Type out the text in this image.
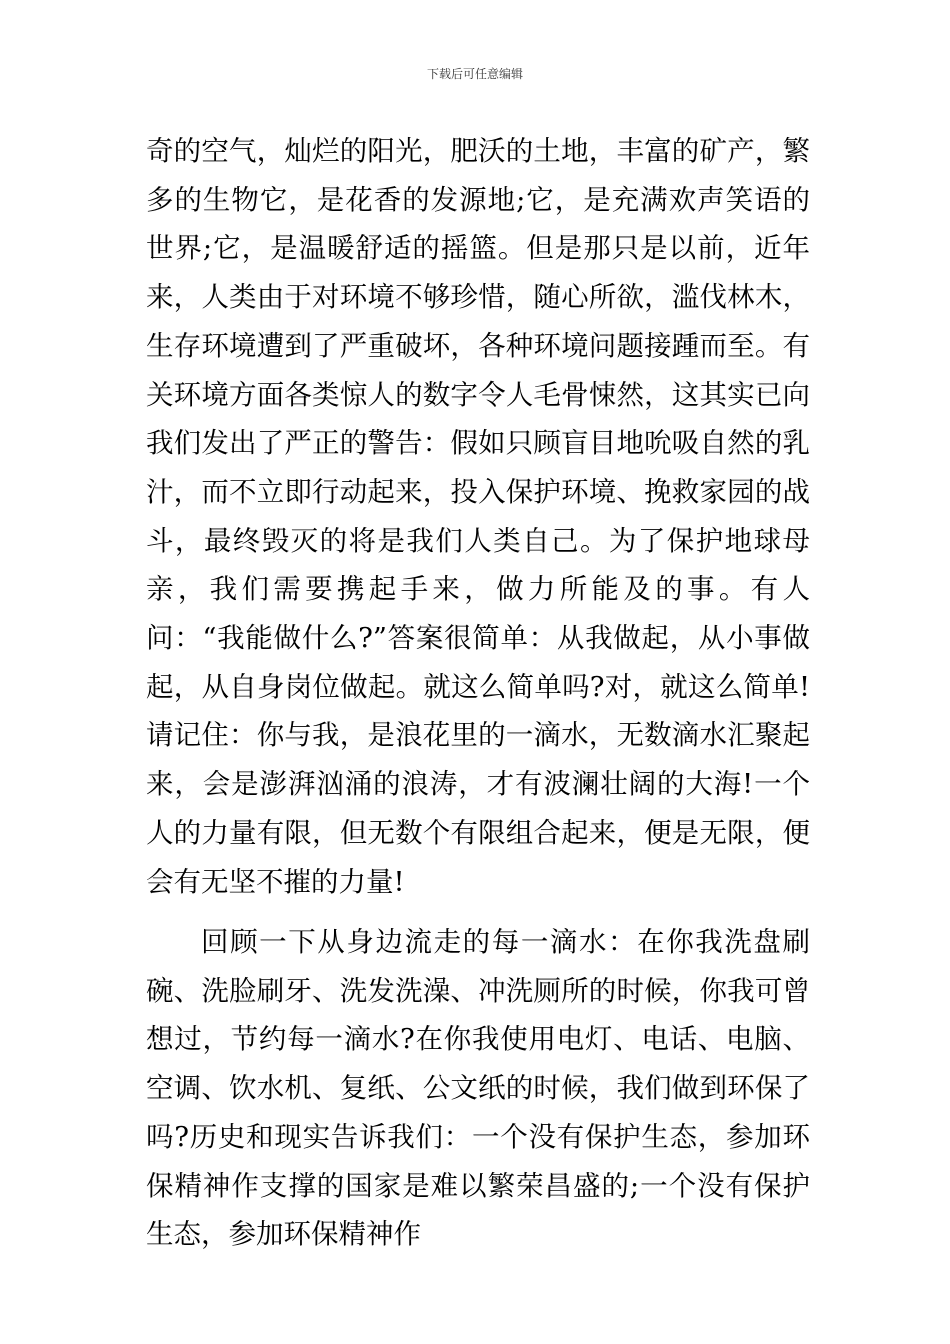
下载后可任意编辑

奇的空气，灿烂的阳光，肥沃的土地，丰富的矿产，繁多的生物它，是花香的发源地;它，是充满欢声笑语的世界;它，是温暖舒适的摇篮。但是那只是以前，近年来，人类由于对环境不够珍惜，随心所欲，滥伐林木，生存环境遭到了严重破坏，各种环境问题接踵而至。有关环境方面各类惊人的数字令人毛骨悚然，这其实已向我们发出了严正的警告：假如只顾盲目地吮吸自然的乳汁，而不立即行动起来，投入保护环境、挽救家园的战斗，最终毁灭的将是我们人类自己。为了保护地球母亲，我们需要携起手来，做力所能及的事。有人问：“我能做什么?”答案很简单：从我做起，从小事做起，从自身岗位做起。就这么简单吗?对，就这么简单!请记住：你与我，是浪花里的一滴水，无数滴水汇聚起来，会是澎湃汹涌的浪涛，才有波澜壮阔的大海!一个人的力量有限，但无数个有限组合起来，便是无限，便会有无坚不摧的力量!

回顾一下从身边流走的每一滴水：在你我洗盘刷碗、洗脸刷牙、洗发洗澡、冲洗厕所的时候，你我可曾想过，节约每一滴水?在你我使用电灯、电话、电脑、空调、饮水机、复纸、公文纸的时候，我们做到环保了吗?历史和现实告诉我们：一个没有保护生态，参加环保精神作支撑的国家是难以繁荣昌盛的;一个没有保护生态，参加环保精神作
